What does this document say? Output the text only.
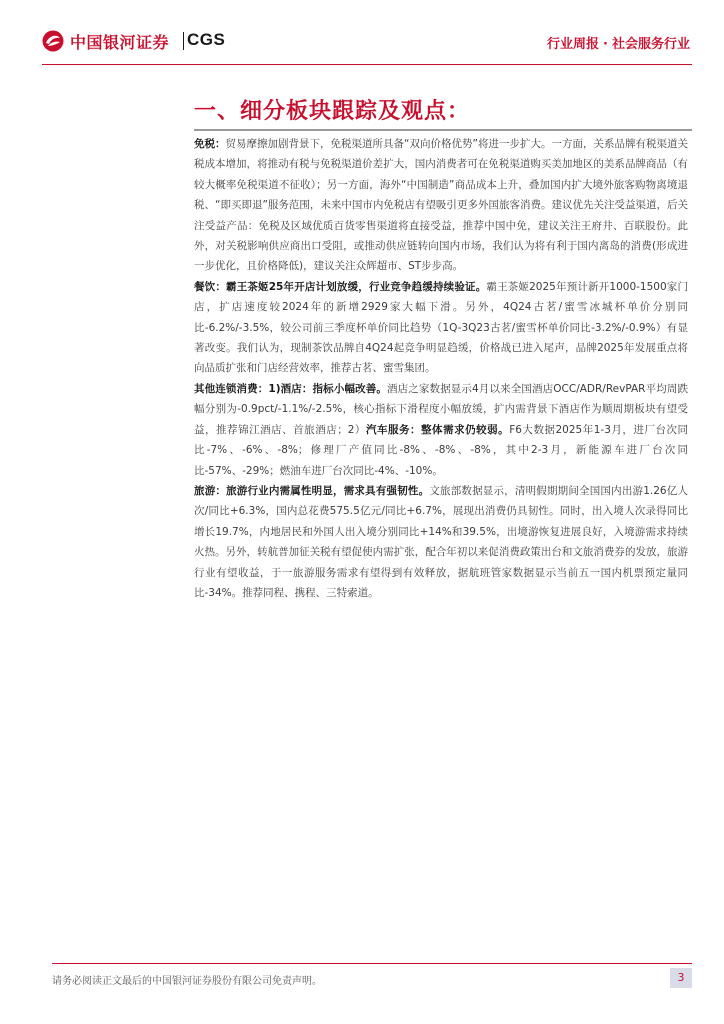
中国银河证券 CGS	行业周报 · 社会服务行业
一、细分板块跟踪及观点：

免税：贸易摩擦加剧背景下，免税渠道所具备“双向价格优势”将进一步扩大。一方面，关系品牌有税渠道关税成本增加，将推动有税与免税渠道价差扩大，国内消费者可在免税渠道购买美加地区的美系品牌商品（有较大概率免税渠道不征收）；另一方面，海外“中国制造”商品成本上升，叠加国内扩大境外旅客购物离境退税、“即买即退”服务范围，未来中国市内免税店有望吸引更多外国旅客消费。建议优先关注受益渠道，后关注受益产品：免税及区域优质百货零售渠道将直接受益，推荐中国中免，建议关注王府井、百联股份。此外，对关税影响供应商出口受阻，或推动供应链转向国内市场，我们认为将有利于国内离岛的消费(形成进一步优化，且价格降低)，建议关注众辉超市、ST步步高。

餐饮：霸王茶姬25年开店计划放缓，行业竞争趋缓持续验证。霸王茶姬2025年预计新开1000-1500家门店，扩店速度较2024年的新增2929家大幅下滑。另外，4Q24古茗/蜜雪冰城杯单价分别同比-6.2%/-3.5%，较公司前三季度杯单价同比趋势（1Q-3Q23古茗/蜜雪杯单价同比-3.2%/-0.9%）有显著改变。我们认为，现制茶饮品牌自4Q24起竞争明显趋缓，价格战已进入尾声，品牌2025年发展重点将向品质扩张和门店经营效率，推荐古茗、蜜雪集团。

其他连锁消费：1)酒店：指标小幅改善。酒店之家数据显示4月以来全国酒店OCC/ADR/RevPAR平均周跌幅分别为-0.9pct/-1.1%/-2.5%，核心指标下滑程度小幅放缓，扩内需背景下酒店作为顺周期板块有望受益，推荐锦江酒店、首旅酒店；2）汽车服务：整体需求仍较弱。F6大数据2025年1-3月，进厂台次同比-7%、-6%、-8%；修理厂产值同比-8%、-8%、-8%，其中2-3月，新能源车进厂台次同比-57%、-29%；燃油车进厂台次同比-4%、-10%。

旅游：旅游行业内需属性明显，需求具有强韧性。文旅部数据显示，清明假期期间全国国内出游1.26亿人次/同比+6.3%，国内总花费575.5亿元/同比+6.7%，展现出消费仍具韧性。同时，出入境人次录得同比增长19.7%，内地居民和外国人出入境分别同比+14%和39.5%，出境游恢复进展良好，入境游需求持续火热。另外，转航普加征关税有望促使内需扩张，配合年初以来促消费政策出台和文旅消费券的发放，旅游行业有望收益，于一旅游服务需求有望得到有效释放，据航班管家数据显示当前五一国内机票预定量同比-34%。推荐同程、携程、三特索道。

请务必阅读正文最后的中国银河证券股份有限公司免责声明。	3
